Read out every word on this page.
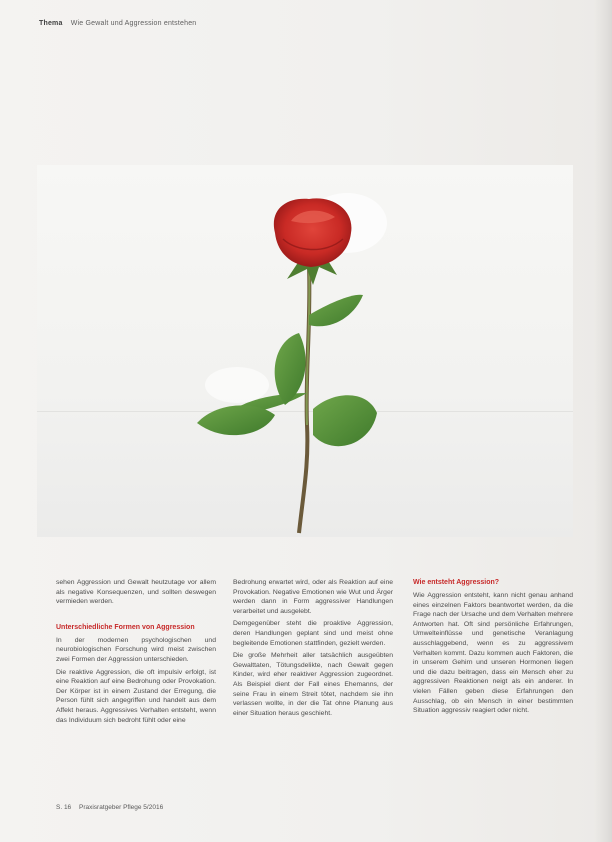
Thema Wie Gewalt und Aggression entstehen

sehen Aggression und Gewalt heutzutage vor allem als negative Konsequenzen, und sollten deswegen vermieden werden.

Unterschiedliche Formen von Aggression

In der modernen psychologischen und neurobiologischen Forschung wird meist zwischen zwei Formen der Aggression unterschieden.

Die reaktive Aggression, die oft impulsiv erfolgt, ist eine Reaktion auf eine Bedrohung oder Provokation. Der Körper ist in einem Zustand der Erregung, die Person fühlt sich angegriffen und handelt aus dem Affekt heraus. Aggressives Verhalten entsteht, wenn das Individuum sich bedroht fühlt oder eine

Bedrohung erwartet wird, oder als Reaktion auf eine Provokation. Negative Emotionen wie Wut und Ärger werden dann in Form aggressiver Handlungen verarbeitet und ausgelebt.

Demgegenüber steht die proaktive Aggression, deren Handlungen geplant sind und meist ohne begleitende Emotionen stattfinden, gezielt werden.

Die große Mehrheit aller tatsächlich ausgeübten Gewalttaten, Tötungsdelikte, nach Gewalt gegen Kinder, wird eher reaktiver Aggression zugeordnet. Als Beispiel dient der Fall eines Ehemanns, der seine Frau in einem Streit tötet, nachdem sie ihn verlassen wollte, in der die Tat ohne Planung aus einer Situation heraus geschieht.

Wie entsteht Aggression?

Wie Aggression entsteht, kann nicht genau anhand eines einzelnen Faktors beantwortet werden, da die Frage nach der Ursache und dem Verhalten mehrere Antworten hat. Oft sind persönliche Erfahrungen, Umwelteinflüsse und genetische Veranlagung ausschlaggebend, wenn es zu aggressivem Verhalten kommt. Dazu kommen auch Faktoren, die in unserem Gehirn und unseren Hormonen liegen und die dazu beitragen, dass ein Mensch eher zu aggressiven Reaktionen neigt als ein anderer. In vielen Fällen geben diese Erfahrungen den Ausschlag, ob ein Mensch in einer bestimmten Situation aggressiv reagiert oder nicht.

S. 16 Praxisratgeber Pflege 5/2016
